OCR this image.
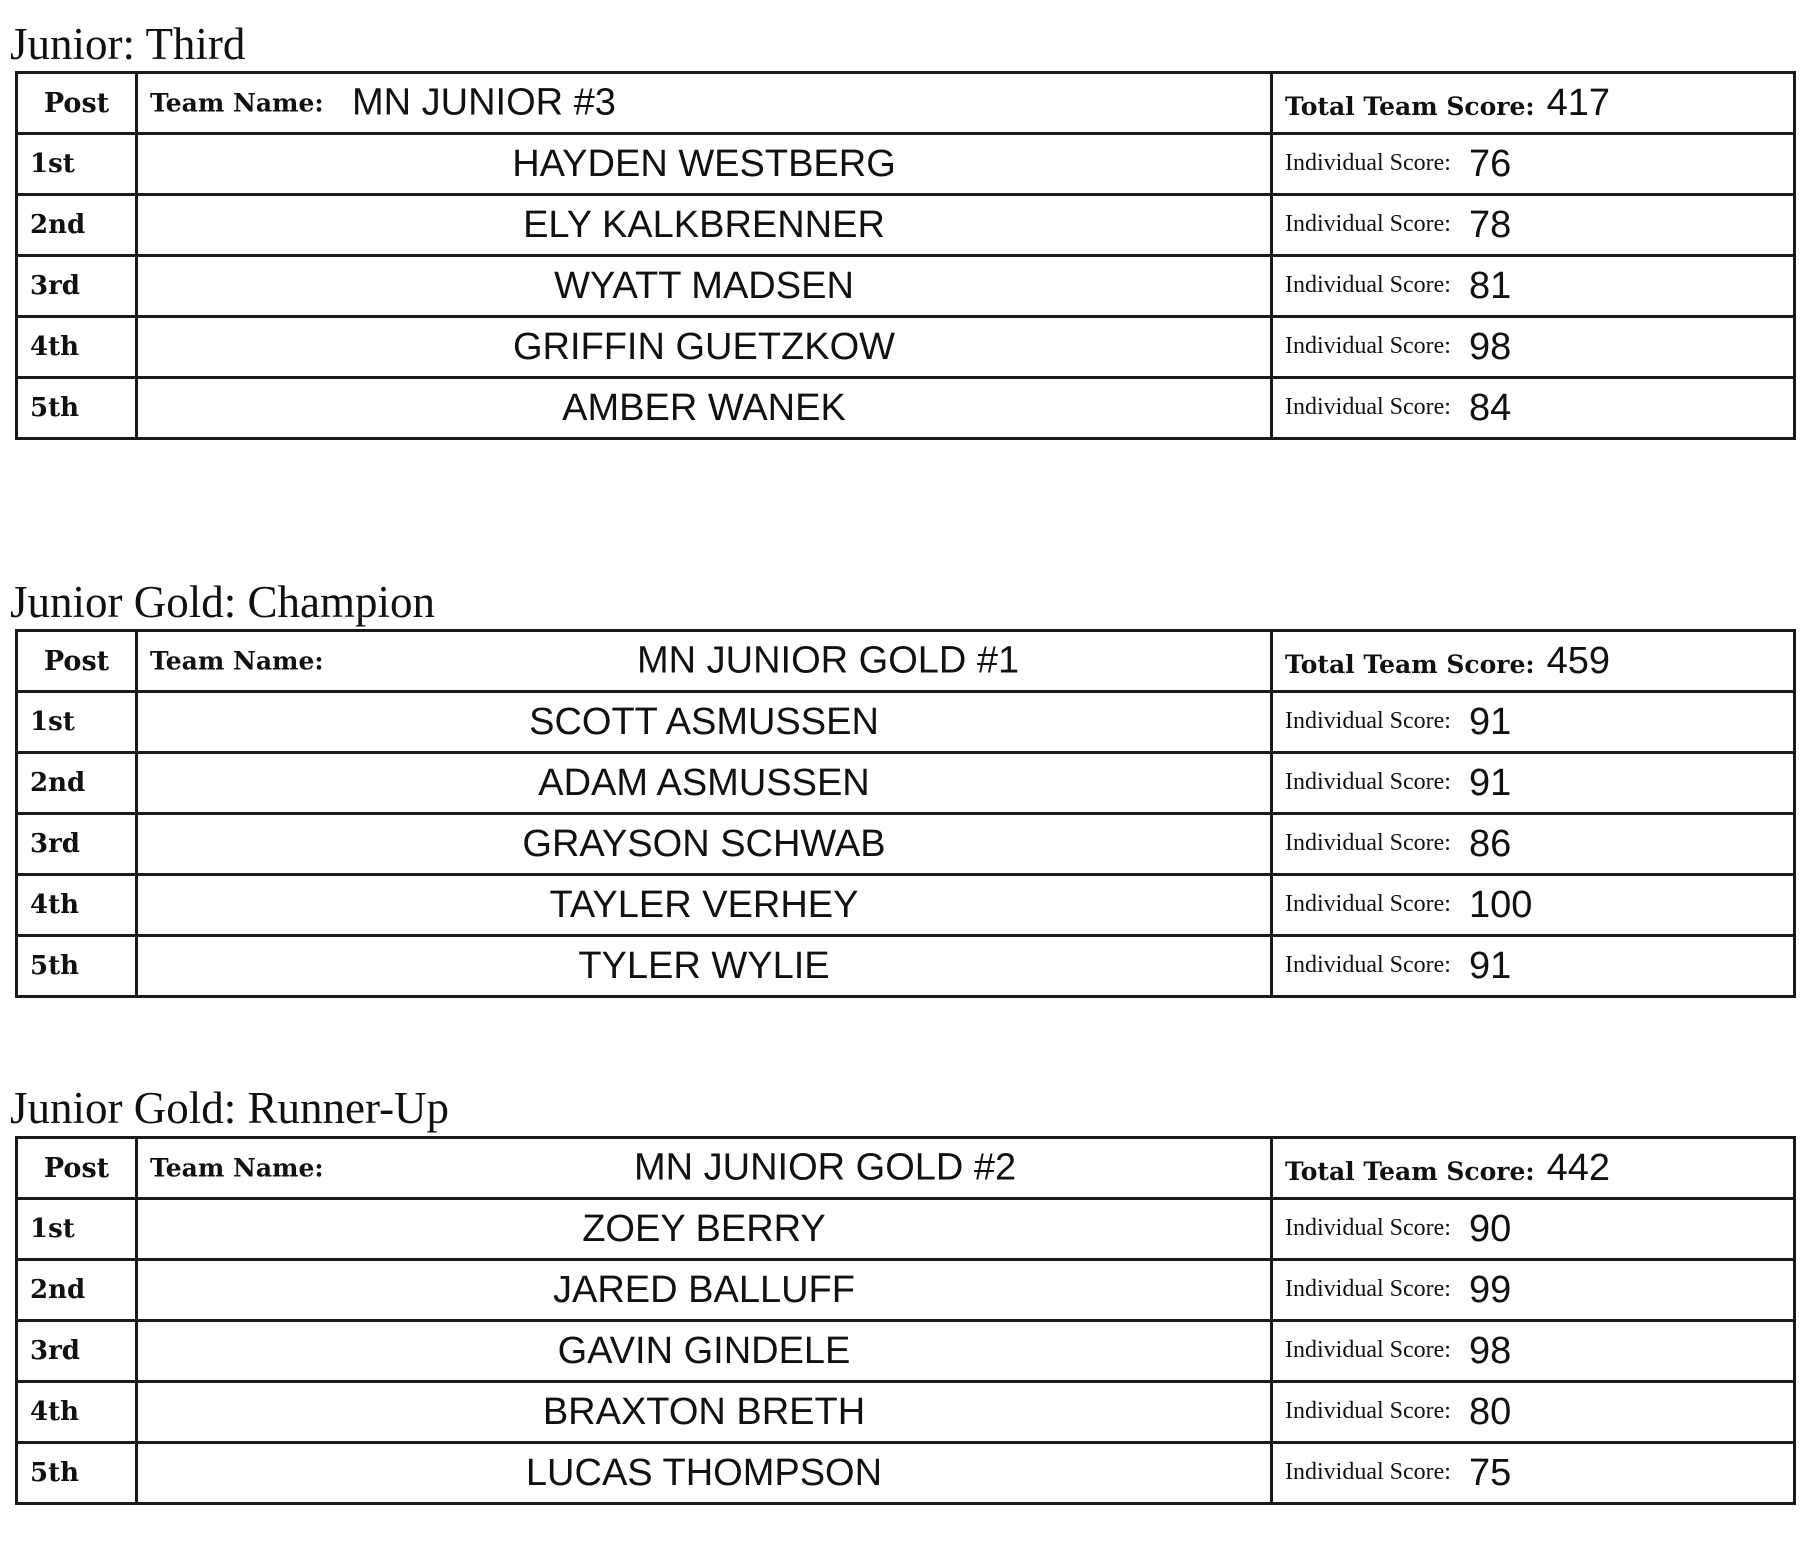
Junior: Third
Post	Team Name: MN JUNIOR #3	Total Team Score: 417
1st	HAYDEN WESTBERG	Individual Score: 76
2nd	ELY KALKBRENNER	Individual Score: 78
3rd	WYATT MADSEN	Individual Score: 81
4th	GRIFFIN GUETZKOW	Individual Score: 98
5th	AMBER WANEK	Individual Score: 84
Junior Gold: Champion
Post	Team Name: MN JUNIOR GOLD #1	Total Team Score: 459
1st	SCOTT ASMUSSEN	Individual Score: 91
2nd	ADAM ASMUSSEN	Individual Score: 91
3rd	GRAYSON SCHWAB	Individual Score: 86
4th	TAYLER VERHEY	Individual Score: 100
5th	TYLER WYLIE	Individual Score: 91
Junior Gold: Runner-Up
Post	Team Name: MN JUNIOR GOLD #2	Total Team Score: 442
1st	ZOEY BERRY	Individual Score: 90
2nd	JARED BALLUFF	Individual Score: 99
3rd	GAVIN GINDELE	Individual Score: 98
4th	BRAXTON BRETH	Individual Score: 80
5th	LUCAS THOMPSON	Individual Score: 75
